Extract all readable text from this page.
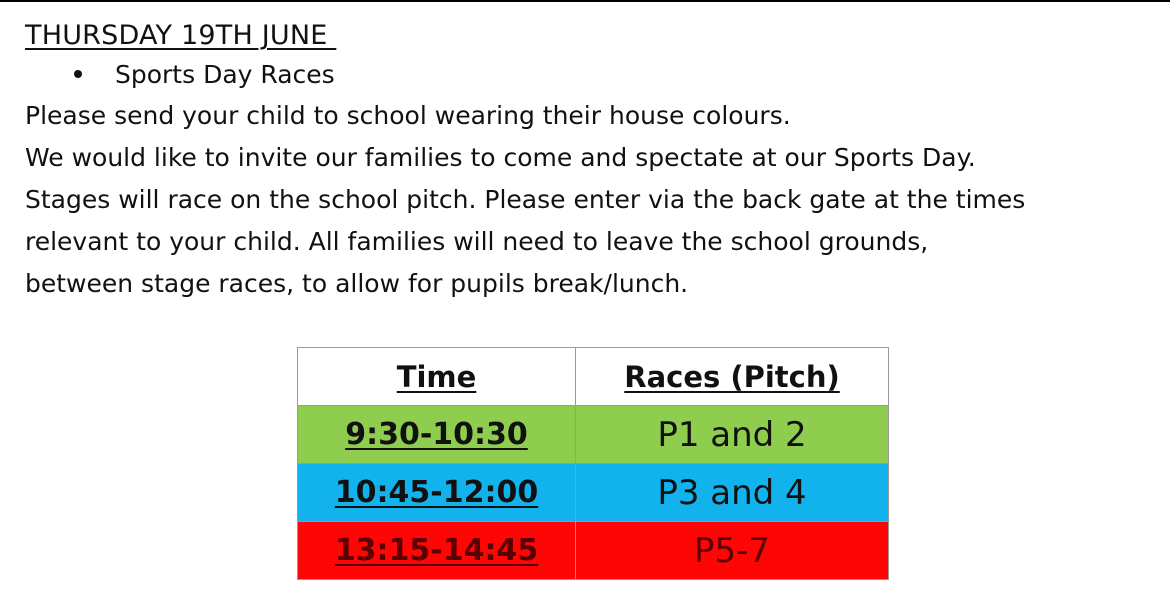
THURSDAY 19TH JUNE
Sports Day Races

Please send your child to school wearing their house colours.

We would like to invite our families to come and spectate at our Sports Day.

Stages will race on the school pitch. Please enter via the back gate at the times

relevant to your child. All families will need to leave the school grounds,

between stage races, to allow for pupils break/lunch.

Time	Races (Pitch)
9:30-10:30	P1 and 2
10:45-12:00	P3 and 4
13:15-14:45	P5-7
